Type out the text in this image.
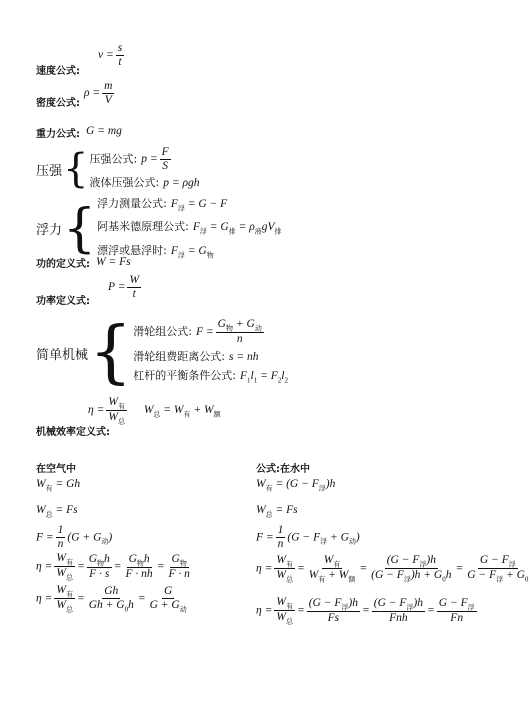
$_{速度公式:}$ $^{v = \frac{s}{t}}$
$_{密度公式:}$ $^{\rho = \frac{m}{V}}$
重力公式: G = mg
压强 { 压强公式: $p = \frac{F}{S}$
液体压强公式: p = ρgh
浮力 { 浮力测量公式: $F_浮 = G - F$
阿基米德原理公式: $F_浮 = G_排 = \rho_液gV_排$
漂浮或悬浮时: $F_浮 = G_物$
功的定义式: W = Fs
$_{功率定义式:}$ $P = \frac{W}{t}$
简单机械 { 滑轮组公式: $F = \frac{G_物 + G_动}{n}$
滑轮组费距离公式: s = nh
杠杆的平衡条件公式: $F_1l_1 = F_2l_2$
$_{机械效率定义式:}$ $\eta = \frac{W_有}{W_总} W_总 = W_有 + W_额$
在空气中
$W_有 = Gh$
$W_总 = Fs$
$F = \frac{1}{n} (G + G_动)$
$\eta = \frac{W_有}{W_总} = \frac{G_物h}{F \cdot s} = \frac{G_物h}{F \cdot nh} = \frac{G_物}{F \cdot n}$
$\eta = \frac{W_有}{W_总} = \frac{Gh}{Gh + G_0h} = \frac{G}{G + G_动}$
公式:在水中
$W_有 = (G - F_浮)h$
$W_总 = Fs$
$F = \frac{1}{n} (G - F_浮 + G_动)$
$\eta = \frac{W_有}{W_总} = \frac{W_有}{W_有 + W_额} = \frac{(G - F_浮)h}{(G - F_浮)h + G_0h} = \frac{G - F_浮}{G - F_浮 + G_0}$
$\eta = \frac{W_有}{W_总} = \frac{(G - F_浮)h}{Fs} = \frac{(G - F_浮)h}{\text{Fnh}} = \frac{G - F_浮}{Fn}$
